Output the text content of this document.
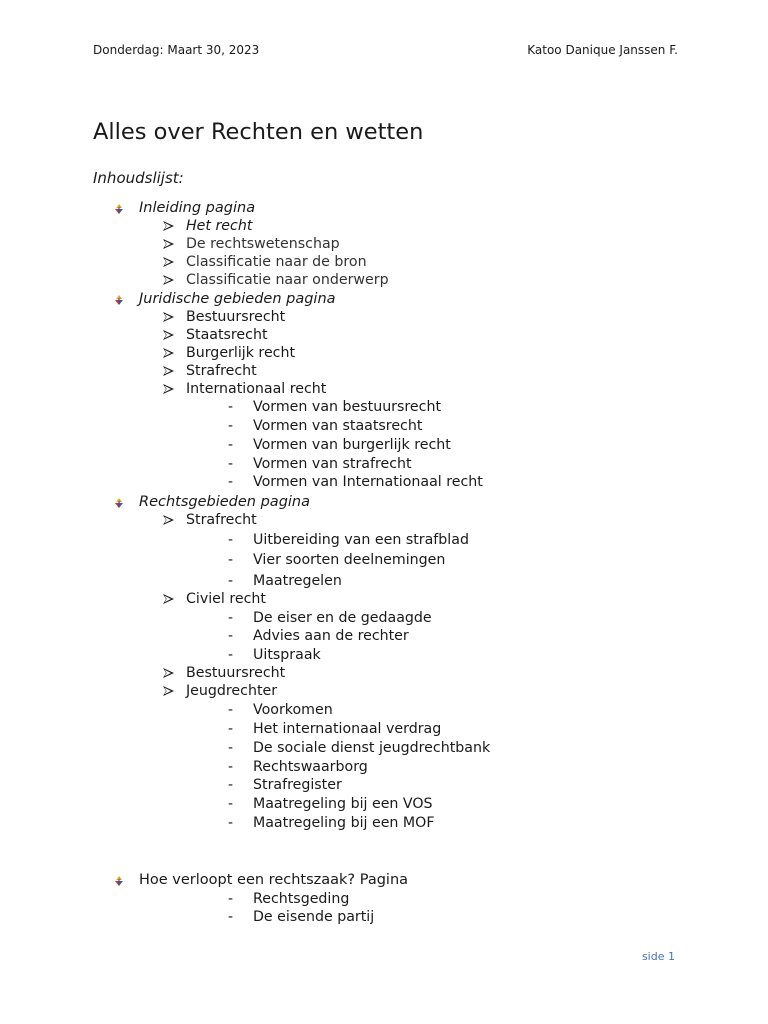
Donderdag: Maart 30, 2023	Katoo Danique Janssen F.
Alles over Rechten en wetten
Inhoudslijst:
Inleiding pagina
Het recht
De rechtswetenschap
Classificatie naar de bron
Classificatie naar onderwerp
Juridische gebieden pagina
Bestuursrecht
Staatsrecht
Burgerlijk recht
Strafrecht
Internationaal recht
- Vormen van bestuursrecht
- Vormen van staatsrecht
- Vormen van burgerlijk recht
- Vormen van strafrecht
- Vormen van Internationaal recht
Rechtsgebieden pagina
Strafrecht
- Uitbereiding van een strafblad
- Vier soorten deelnemingen
- Maatregelen
Civiel recht
- De eiser en de gedaagde
- Advies aan de rechter
- Uitspraak
Bestuursrecht
Jeugdrechter
- Voorkomen
- Het internationaal verdrag
- De sociale dienst jeugdrechtbank
- Rechtswaarborg
- Strafregister
- Maatregeling bij een VOS
- Maatregeling bij een MOF
Hoe verloopt een rechtszaak? Pagina
- Rechtsgeding
- De eisende partij
side 1
